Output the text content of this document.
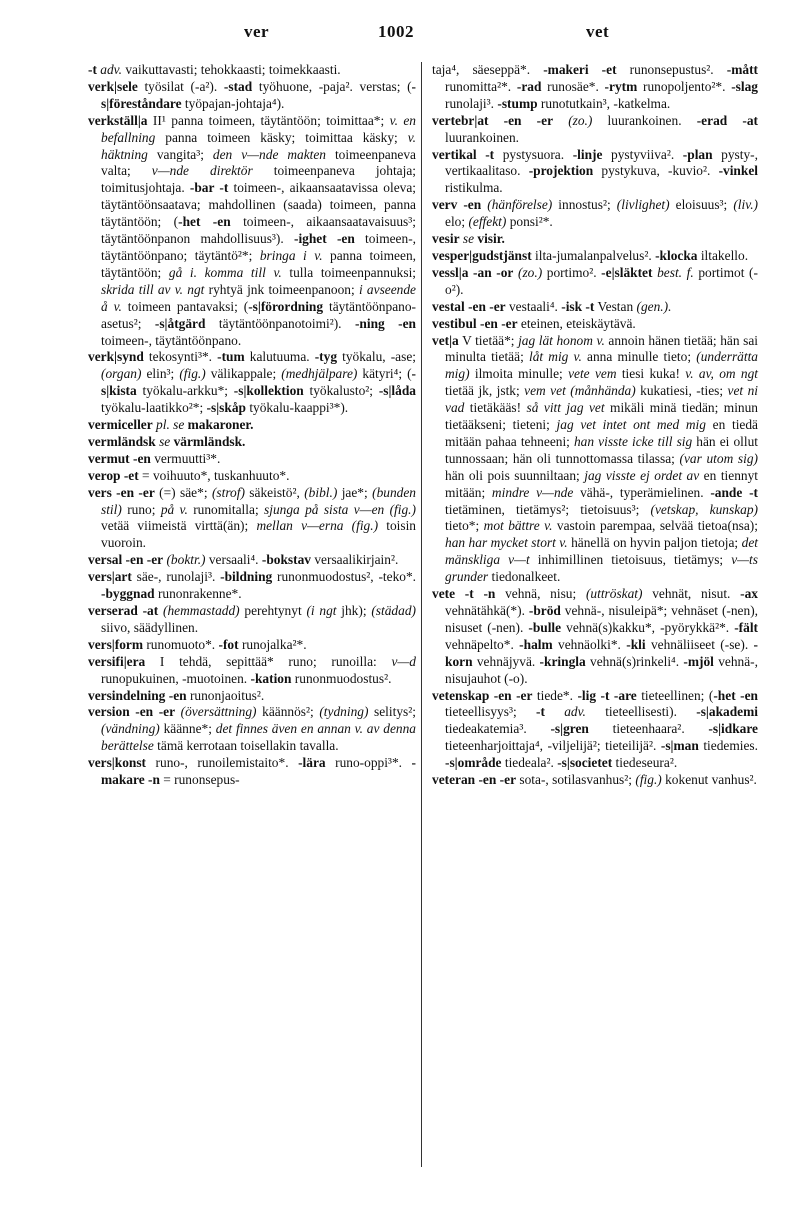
ver	1002	vet

-t adv. vaikuttavasti; tehokkaasti; toimekkaasti.

verk|sele työsilat (-a²). -stad työhuone, -paja². verstas; (-s|föreståndare työpajan-johtaja⁴).

verkställ|a II¹ panna toimeen, täytäntöön; toimittaa*; v. en befallning panna toimeen käsky; toimittaa käsky; v. häktning vangita³; den v—nde makten toimeenpaneva valta; v—nde direktör toimeenpaneva johtaja; toimitusjohtaja. -bar -t toimeen-, aikaansaatavissa oleva; täytäntöönsaatava; mahdollinen (saada) toimeen, panna täytäntöön; (-het -en toimeen-, aikaansaatavaisuus³; täytäntöönpanon mahdollisuus³). -ighet -en toimeen-, täytäntöönpano; täytäntö²*; bringa i v. panna toimeen, täytäntöön; gå i. komma till v. tulla toimeenpannuksi; skrida till av v. ngt ryhtyä jnk toimeenpanoon; i avseende å v. toimeen pantavaksi; (-s|förordning täytäntöönpano-asetus²; -s|åtgärd täytäntöönpanotoimi²). -ning -en toimeen-, täytäntöönpano.

verk|synd tekosynti³*. -tum kalutuuma. -tyg työkalu, -ase; (organ) elin³; (fig.) välikappale; (medhjälpare) kätyri⁴; (-s|kista työkalu-arkku*; -s|kollektion työkalusto²; -s|låda työkalu-laatikko²*; -s|skåp työkalu-kaappi³*).

vermiceller pl. se makaroner.

vermländsk se värmländsk.

vermut -en vermuutti³*.

verop -et = voihuuto*, tuskanhuuto*.

vers -en -er (=) säe*; (strof) säkeistö², (bibl.) jae*; (bunden stil) runo; på v. runomitalla; sjunga på sista v—en (fig.) vetää viimeistä virttä(än); mellan v—erna (fig.) toisin vuoroin.

versal -en -er (boktr.) versaali⁴. -bokstav versaalikirjain².

vers|art säe-, runolaji³. -bildning runonmuodostus², -teko*. -byggnad runonrakenne*.

verserad -at (hemmastadd) perehtynyt (i ngt jhk); (städad) siivo, säädyllinen.

vers|form runomuoto*. -fot runojalka²*.

versifi|era I tehdä, sepittää* runo; runoilla: v—d runopukuinen, -muotoinen. -kation runonmuodostus².

versindelning -en runonjaoitus².

version -en -er (översättning) käännös²; (tydning) selitys²; (vändning) käänne*; det finnes även en annan v. av denna berättelse tämä kerrotaan toisellakin tavalla.

vers|konst runo-, runoilemistaito*. -lära runo-oppi³*. -makare -n = runonsepus-

taja⁴, säeseppä*. -makeri -et runonsepustus². -mått runomitta²*. -rad runosäe*. -rytm runopoljento²*. -slag runolaji³. -stump runotutkain³, -katkelma.

vertebr|at -en -er (zo.) luurankoinen. -erad -at luurankoinen.

vertikal -t pystysuora. -linje pystyviiva². -plan pysty-, vertikaalitaso. -projektion pystykuva, -kuvio². -vinkel ristikulma.

verv -en (hänförelse) innostus²; (livlighet) eloisuus³; (liv.) elo; (effekt) ponsi²*.

vesir se visir.

vesper|gudstjänst ilta-jumalanpalvelus². -klocka iltakello.

vessl|a -an -or (zo.) portimo². -e|släktet best. f. portimot (-o²).

vestal -en -er vestaali⁴. -isk -t Vestan (gen.).

vestibul -en -er eteinen, eteiskäytävä.

vet|a V tietää*; jag lät honom v. annoin hänen tietää; hän sai minulta tietää; låt mig v. anna minulle tieto; (underrätta mig) ilmoita minulle; vete vem tiesi kuka! v. av, om ngt tietää jk, jstk; vem vet (månhända) kukatiesi, -ties; vet ni vad tietäkääs! så vitt jag vet mikäli minä tiedän; minun tietääkseni; tieteni; jag vet intet ont med mig en tiedä mitään pahaa tehneeni; han visste icke till sig hän ei ollut tunnossaan; hän oli tunnottomassa tilassa; (var utom sig) hän oli pois suunniltaan; jag visste ej ordet av en tiennyt mitään; mindre v—nde vähä-, typerämielinen. -ande -t tietäminen, tietämys²; tietoisuus³; (vetskap, kunskap) tieto*; mot bättre v. vastoin parempaa, selvää tietoa(nsa); han har mycket stort v. hänellä on hyvin paljon tietoja; det mänskliga v—t inhimillinen tietoisuus, tietämys; v—ts grunder tiedonalkeet.

vete -t -n vehnä, nisu; (uttröskat) vehnät, nisut. -ax vehnätähkä(*). -bröd vehnä-, nisuleipä*; vehnäset (-nen), nisuset (-nen). -bulle vehnä(s)kakku*, -pyörykkä²*. -fält vehnäpelto*. -halm vehnäolki*. -kli vehnäliiseet (-se). -korn vehnäjyvä. -kringla vehnä(s)rinkeli⁴. -mjöl vehnä-, nisujauhot (-o).

vetenskap -en -er tiede*. -lig -t -are tieteellinen; (-het -en tieteellisyys³; -t adv. tieteellisesti). -s|akademi tiedeakatemia³. -s|gren tieteenhaara². -s|idkare tieteenharjoittaja⁴, -viljelijä²; tieteilijä². -s|man tiedemies. -s|område tiedeala². -s|societet tiedeseura².

veteran -en -er sota-, sotilasvanhus²; (fig.) kokenut vanhus².
